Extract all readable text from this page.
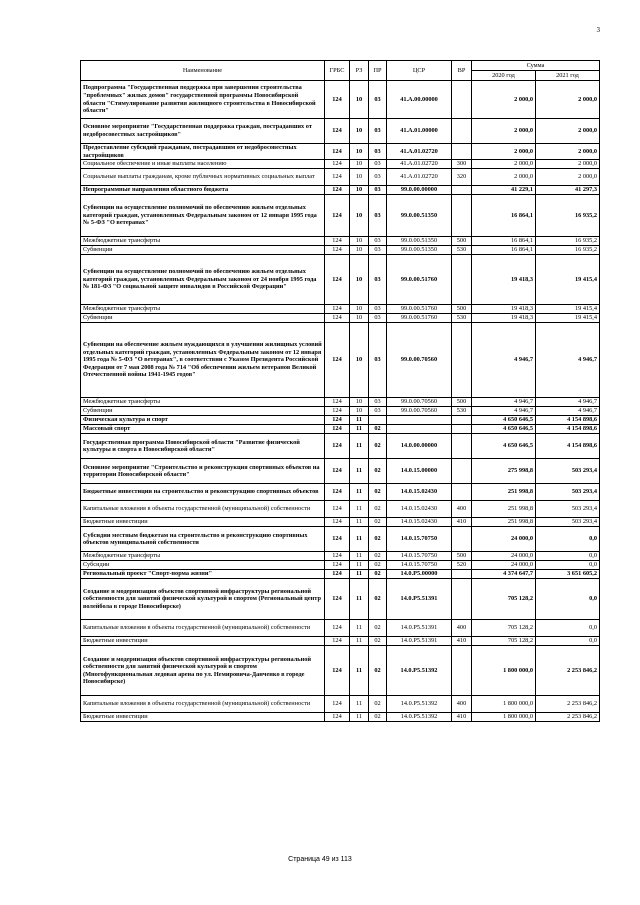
3
Наименование	ГРБС	РЗ	ПР	ЦСР	ВР	Сумма	
						2020 год	2021 год
Подпрограмма "Государственная поддержка при завершении строительства "проблемных" жилых домов" государственной программы Новосибирской области "Стимулирование развития жилищного строительства в Новосибирской области"	124	10	03	41.А.00.00000		2 000,0	2 000,0
Основное мероприятие "Государственная поддержка граждан, пострадавших от недобросовестных застройщиков"	124	10	03	41.А.01.00000		2 000,0	2 000,0
Предоставление субсидий гражданам, пострадавшим от недобросовестных застройщиков	124	10	03	41.А.01.02720		2 000,0	2 000,0
Социальное обеспечение и иные выплаты населению	124	10	03	41.А.01.02720	300	2 000,0	2 000,0
Социальные выплаты гражданам, кроме публичных нормативных социальных выплат	124	10	03	41.А.01.02720	320	2 000,0	2 000,0
Непрограммные направления областного бюджета	124	10	03	99.0.00.00000		41 229,1	41 297,3
Субвенции на осуществление полномочий по обеспечению жильем отдельных категорий граждан, установленных Федеральным законом от 12 января 1995 года № 5-ФЗ "О ветеранах"	124	10	03	99.0.00.51350		16 864,1	16 935,2
Межбюджетные трансферты	124	10	03	99.0.00.51350	500	16 864,1	16 935,2
Субвенции	124	10	03	99.0.00.51350	530	16 864,1	16 935,2
Субвенции на осуществление полномочий по обеспечению жильем отдельных категорий граждан, установленных Федеральным законом от 24 ноября 1995 года № 181-ФЗ "О социальной защите инвалидов в Российской Федерации"	124	10	03	99.0.00.51760		19 418,3	19 415,4
Межбюджетные трансферты	124	10	03	99.0.00.51760	500	19 418,3	19 415,4
Субвенции	124	10	03	99.0.00.51760	530	19 418,3	19 415,4
Субвенции на обеспечение жильем нуждающихся в улучшении жилищных условий отдельных категорий граждан, установленных Федеральным законом от 12 января 1995 года № 5-ФЗ "О ветеранах", в соответствии с Указом Президента Российской Федерации от 7 мая 2008 года № 714 "Об обеспечении жильем ветеранов Великой Отечественной войны 1941-1945 годов"	124	10	03	99.0.00.70560		4 946,7	4 946,7
Межбюджетные трансферты	124	10	03	99.0.00.70560	500	4 946,7	4 946,7
Субвенции	124	10	03	99.0.00.70560	530	4 946,7	4 946,7
Физическая культура и спорт	124	11				4 650 646,5	4 154 898,6
Массовый спорт	124	11	02			4 650 646,5	4 154 898,6
Государственная программа Новосибирской области "Развитие физической культуры и спорта в Новосибирской области"	124	11	02	14.0.00.00000		4 650 646,5	4 154 898,6
Основное мероприятие "Строительство и реконструкция спортивных объектов на территории Новосибирской области"	124	11	02	14.0.15.00000		275 998,8	503 293,4
Бюджетные инвестиции на строительство и реконструкцию спортивных объектов	124	11	02	14.0.15.02430		251 998,8	503 293,4
Капитальные вложения в объекты государственной (муниципальной) собственности	124	11	02	14.0.15.02430	400	251 998,8	503 293,4
Бюджетные инвестиции	124	11	02	14.0.15.02430	410	251 998,8	503 293,4
Субсидии местным бюджетам на строительство и реконструкцию спортивных объектов муниципальной собственности	124	11	02	14.0.15.70750		24 000,0	0,0
Межбюджетные трансферты	124	11	02	14.0.15.70750	500	24 000,0	0,0
Субсидии	124	11	02	14.0.15.70750	520	24 000,0	0,0
Региональный проект "Спорт-норма жизни"	124	11	02	14.0.P5.00000		4 374 647,7	3 651 605,2
Создание и модернизация объектов спортивной инфраструктуры региональной собственности для занятий физической культурой и спортом (Региональный центр волейбола в городе Новосибирске)	124	11	02	14.0.P5.51391		705 128,2	0,0
Капитальные вложения в объекты государственной (муниципальной) собственности	124	11	02	14.0.P5.51391	400	705 128,2	0,0
Бюджетные инвестиции	124	11	02	14.0.P5.51391	410	705 128,2	0,0
Создание и модернизация объектов спортивной инфраструктуры региональной собственности для занятий физической культурой и спортом (Многофункциональная ледовая арена по ул. Немировича-Данченко в городе Новосибирске)	124	11	02	14.0.P5.51392		1 800 000,0	2 253 846,2
Капитальные вложения в объекты государственной (муниципальной) собственности	124	11	02	14.0.P5.51392	400	1 800 000,0	2 253 846,2
Бюджетные инвестиции	124	11	02	14.0.P5.51392	410	1 800 000,0	2 253 846,2
Страница 49 из 113
